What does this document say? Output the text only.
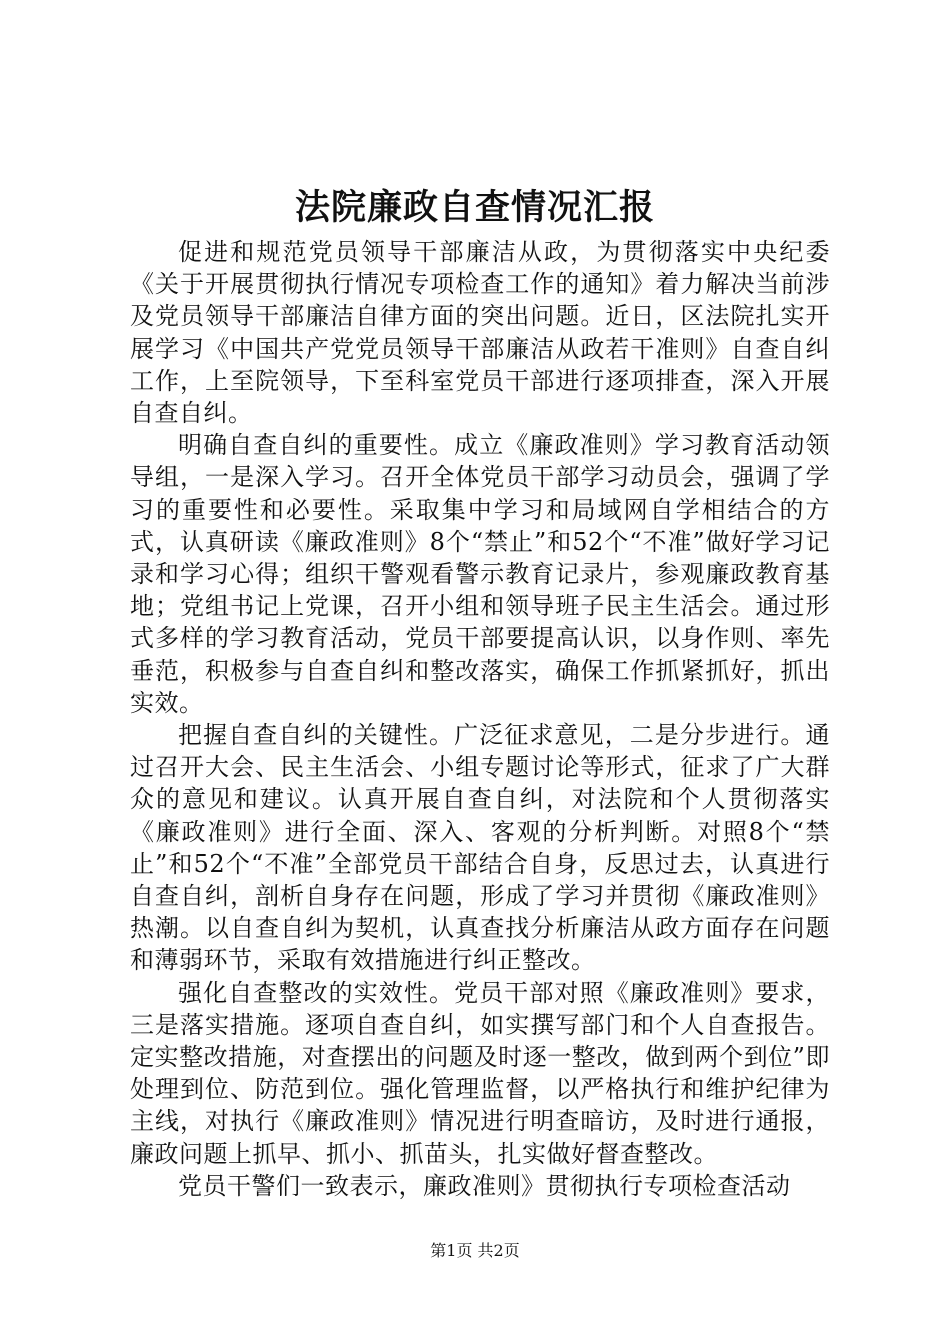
法院廉政自查情况汇报

促进和规范党员领导干部廉洁从政，为贯彻落实中央纪委《关于开展贯彻执行情况专项检查工作的通知》着力解决当前涉及党员领导干部廉洁自律方面的突出问题。近日，区法院扎实开展学习《中国共产党党员领导干部廉洁从政若干准则》自查自纠工作，上至院领导，下至科室党员干部进行逐项排查，深入开展自查自纠。

明确自查自纠的重要性。成立《廉政准则》学习教育活动领导组，一是深入学习。召开全体党员干部学习动员会，强调了学习的重要性和必要性。采取集中学习和局域网自学相结合的方式，认真研读《廉政准则》8个“禁止”和52个“不准”做好学习记录和学习心得；组织干警观看警示教育记录片，参观廉政教育基地；党组书记上党课，召开小组和领导班子民主生活会。通过形式多样的学习教育活动，党员干部要提高认识，以身作则、率先垂范，积极参与自查自纠和整改落实，确保工作抓紧抓好，抓出实效。

把握自查自纠的关键性。广泛征求意见，二是分步进行。通过召开大会、民主生活会、小组专题讨论等形式，征求了广大群众的意见和建议。认真开展自查自纠，对法院和个人贯彻落实《廉政准则》进行全面、深入、客观的分析判断。对照8个“禁止”和52个“不准”全部党员干部结合自身，反思过去，认真进行自查自纠，剖析自身存在问题，形成了学习并贯彻《廉政准则》热潮。以自查自纠为契机，认真查找分析廉洁从政方面存在问题和薄弱环节，采取有效措施进行纠正整改。

强化自查整改的实效性。党员干部对照《廉政准则》要求，三是落实措施。逐项自查自纠，如实撰写部门和个人自查报告。定实整改措施，对查摆出的问题及时逐一整改，做到两个到位”即处理到位、防范到位。强化管理监督，以严格执行和维护纪律为主线，对执行《廉政准则》情况进行明查暗访，及时进行通报，廉政问题上抓早、抓小、抓苗头，扎实做好督查整改。

党员干警们一致表示，廉政准则》贯彻执行专项检查活动

第1页 共2页
